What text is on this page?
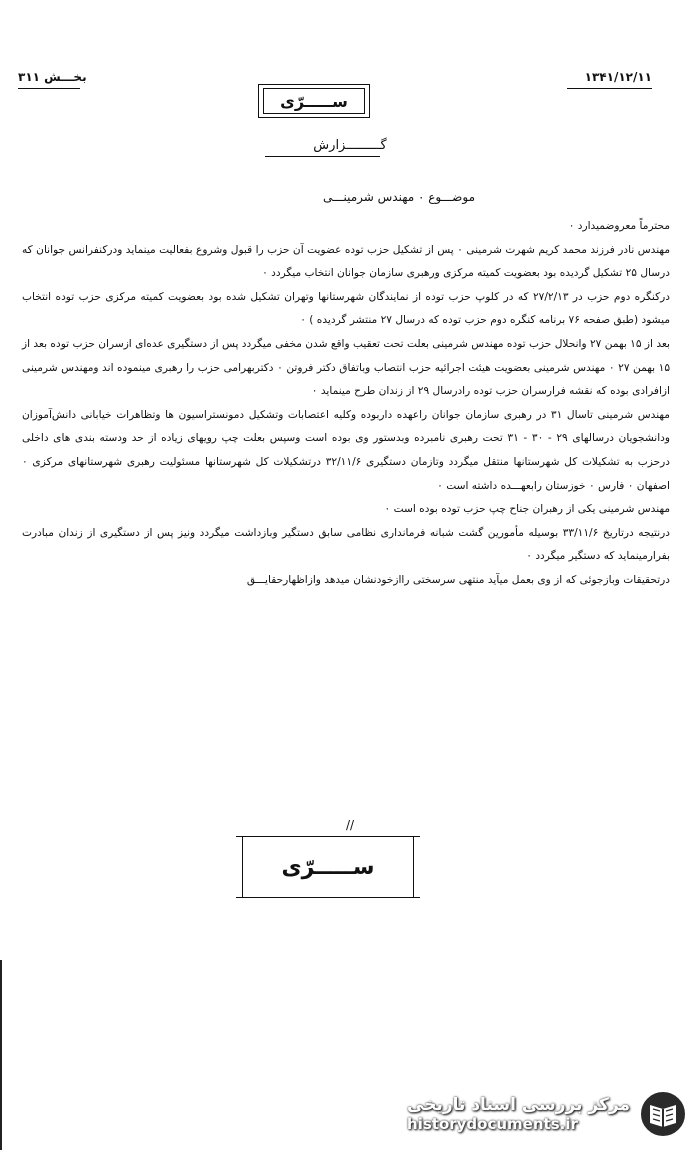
بخـــش ۳۱۱	۱۳۴۱/۱۲/۱۱
ســـــرّی
گـــــــــزارش
موضـــوع ۰ مهندس شرمینـــی

محترماً معروضمیدارد ۰

مهندس نادر فرزند محمد کریم شهرت شرمینی ۰ پس از تشکیل حزب توده عضویت آن حزب را قبول وشروع بفعالیت مینماید ودرکنفرانس جوانان که درسال ۲۵ تشکیل گردیده بود بعضویت کمیته مرکزی ورهبری سازمان جوانان انتخاب میگردد ۰

درکنگره دوم حزب در ۲۷/۲/۱۳ که در کلوپ حزب توده از نمایندگان شهرستانها وتهران تشکیل شده بود بعضویت کمیته مرکزی حزب توده انتخاب میشود (طبق صفحه ۷۶ برنامه کنگره دوم حزب توده که درسال ۲۷ منتشر گردیده ) ۰

بعد از ۱۵ بهمن ۲۷ وانحلال حزب توده مهندس شرمینی بعلت تحت تعقیب واقع شدن مخفی میگردد پس از دستگیری عده‌ای ازسران حزب توده بعد از ۱۵ بهمن ۲۷ ۰ مهندس شرمینی بعضویت هیئت اجرائیه حزب انتصاب وباتفاق دکتر فروتن ۰ دکتربهرامی حزب را رهبری مینموده اند ومهندس شرمینی ازافرادی بوده که نقشه فرارسران حزب توده رادرسال ۲۹ از زندان طرح مینماید ۰

مهندس شرمینی تاسال ۳۱ در رهبری سازمان جوانان راعهده داربوده وکلیه اعتصابات وتشکیل دمونستراسیون ها وتظاهرات خیابانی دانش‌آموزان ودانشجویان درسالهای ۲۹ - ۳۰ - ۳۱ تحت رهبری نامبرده وبدستور وی بوده است وسپس بعلت چپ رویهای زیاده از حد ودسته بندی های داخلی درحزب به تشکیلات کل شهرستانها منتقل میگردد وتازمان دستگیری ۳۲/۱۱/۶ درتشکیلات کل شهرستانها مسئولیت رهبری شهرستانهای مرکزی ۰ اصفهان ۰ فارس ۰ خوزستان رابعهـــده داشته است ۰

مهندس شرمینی یکی از رهبران جناح چپ حزب توده بوده است ۰

درنتیجه درتاریخ ۳۳/۱۱/۶ بوسیله مأمورین گشت شبانه فرمانداری نظامی سابق دستگیر وبازداشت میگردد ونیز پس از دستگیری از زندان مبادرت بفرارمینماید که دستگیر میگردد ۰

درتحقیقات وبازجوئی که از وی بعمل میآید منتهی سرسختی راازخودنشان میدهد وازاظهارحقایـــق

//
ســـــرّی
مرکز بررسی اسناد تاریخی
historydocuments.ir
